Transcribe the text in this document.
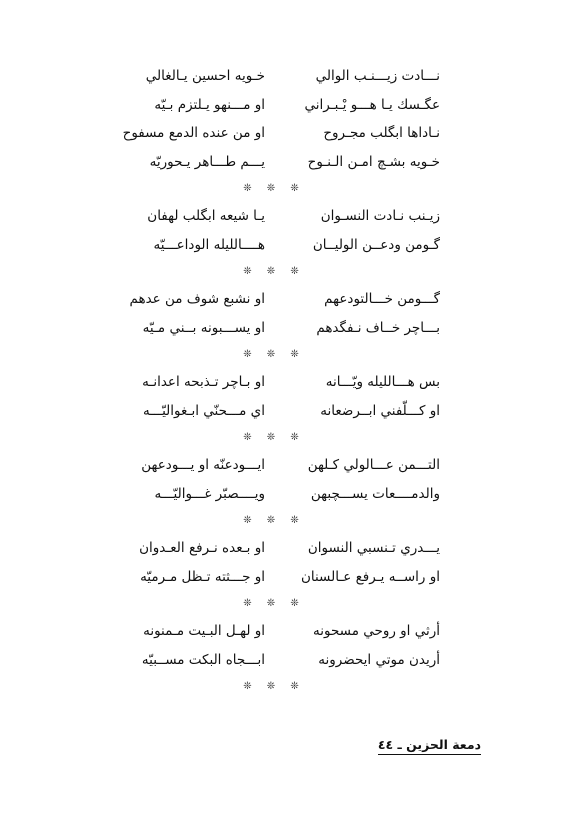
نـــادت زيـــنـب الوالي
خـويه احسين يـالغالي
عگـسك يـا هـــو يْـبـراني
او مـــنهو يـلتزم بـيّه
نـاداها ابگلب مجـروح
او من عنده الدمع مسفوح
خـويه بشـچ امـن الـنـوح
يـــم طـــاهر يـحوريّه
❊ ❊ ❊
زيـنب نـادت النسـوان
يـا شيعه ابگلب لهفان
گـومن ودعــن الوليــان
هــــالليله الوداعـــيّه
❊ ❊ ❊
گـــومن خـــالتودعهم
او نشبع شوف من عدهم
بـــاچر خــاف نـفگدهم
او يســـبونه بــني مـيّه
❊ ❊ ❊
بس هـــالليله ويّـــانه
او بـاچر تـذبحه اعدانـه
او كـــلّفني ابــرضعانه
اي مـــحنّي ابـغواليّـــه
❊ ❊ ❊
التـــمن عـــالولي كـلهن
ايـــودعنّه او يـــودعهن
والدمــــعات يســـچبهن
ويــــصبّر غـــواليّـــه
❊ ❊ ❊
يـــدري تـنسبي النسوان
او بـعده نـرفع العـدوان
او راســه يـرفع عـالسنان
او جـــثته تـظل مـرميّه
❊ ❊ ❊
أرثي او روحي مسحونه
او لهـل البـيت مـمنونه
أريدن موتي ايحضرونه
ابـــجاه البكت مســبيّه
❊ ❊ ❊
دمعة الحزين ـ ٤٤
